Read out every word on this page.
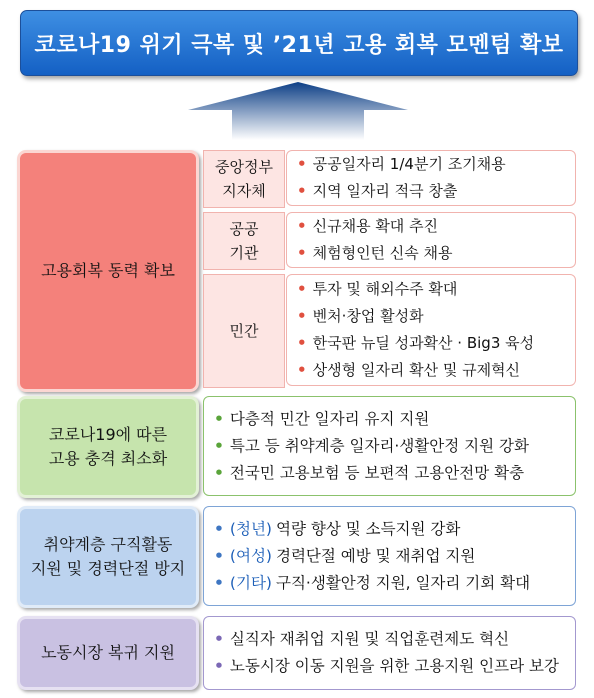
코로나19 위기 극복 및 ’21년 고용 회복 모멘텀 확보
고용회복 동력 확보
중앙정부
지자체
• 공공일자리 1/4분기 조기채용
• 지역 일자리 적극 창출
공공
기관
• 신규채용 확대 추진
• 체험형인턴 신속 채용
민간
• 투자 및 해외수주 확대
• 벤처·창업 활성화
• 한국판 뉴딜 성과확산 · Big3 육성
• 상생형 일자리 확산 및 규제혁신
코로나19에 따른
고용 충격 최소화
• 다층적 민간 일자리 유지 지원
• 특고 등 취약계층 일자리·생활안정 지원 강화
• 전국민 고용보험 등 보편적 고용안전망 확충
취약계층 구직활동
지원 및 경력단절 방지
• (청년) 역량 향상 및 소득지원 강화
• (여성) 경력단절 예방 및 재취업 지원
• (기타) 구직·생활안정 지원, 일자리 기회 확대
노동시장 복귀 지원
• 실직자 재취업 지원 및 직업훈련제도 혁신
• 노동시장 이동 지원을 위한 고용지원 인프라 보강
